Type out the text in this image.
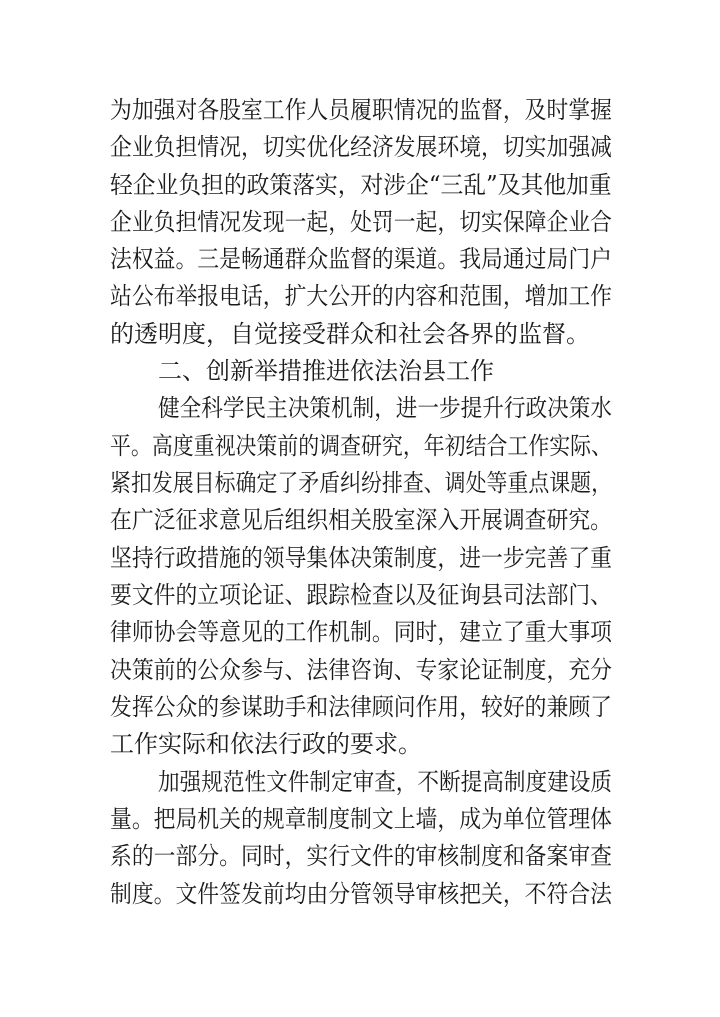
为加强对各股室工作人员履职情况的监督，及时掌握
企业负担情况，切实优化经济发展环境，切实加强减
轻企业负担的政策落实，对涉企“三乱”及其他加重
企业负担情况发现一起，处罚一起，切实保障企业合
法权益。三是畅通群众监督的渠道。我局通过局门户
站公布举报电话，扩大公开的内容和范围，增加工作
的透明度，自觉接受群众和社会各界的监督。
二、创新举措推进依法治县工作
健全科学民主决策机制，进一步提升行政决策水
平。高度重视决策前的调查研究，年初结合工作实际、
紧扣发展目标确定了矛盾纠纷排查、调处等重点课题，
在广泛征求意见后组织相关股室深入开展调查研究。
坚持行政措施的领导集体决策制度，进一步完善了重
要文件的立项论证、跟踪检查以及征询县司法部门、
律师协会等意见的工作机制。同时，建立了重大事项
决策前的公众参与、法律咨询、专家论证制度，充分
发挥公众的参谋助手和法律顾问作用，较好的兼顾了
工作实际和依法行政的要求。
加强规范性文件制定审查，不断提高制度建设质
量。把局机关的规章制度制文上墙，成为单位管理体
系的一部分。同时，实行文件的审核制度和备案审查
制度。文件签发前均由分管领导审核把关，不符合法
